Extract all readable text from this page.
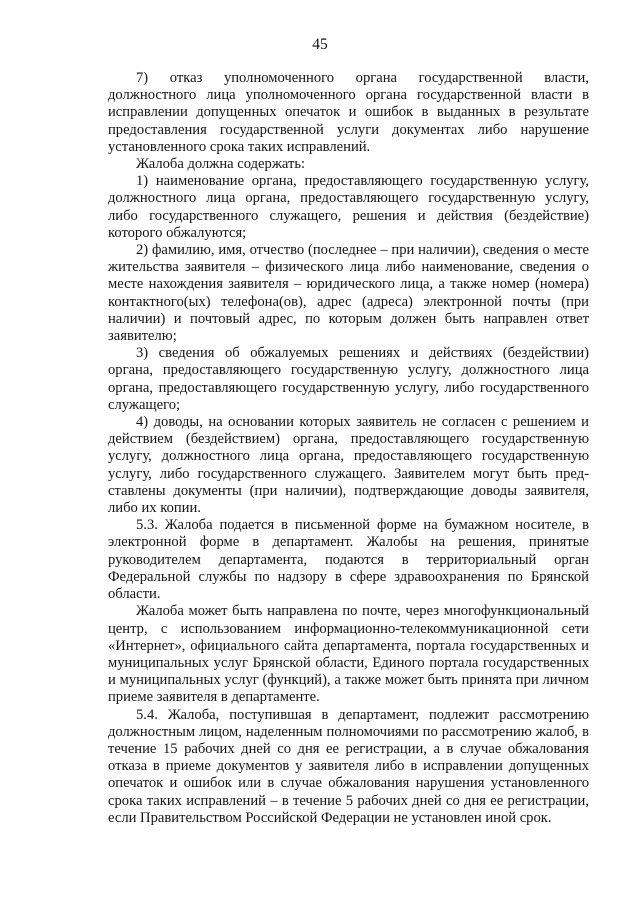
45

7) отказ уполномоченного органа государственной власти, должностного лица уполномоченного органа государственной власти в исправлении допущенных опечаток и ошибок в выданных в результате предоставления государственной услуги документах либо нарушение установленного срока таких исправлений.

Жалоба должна содержать:

1) наименование органа, предоставляющего государственную услугу, должностного лица органа, предоставляющего государственную услугу, либо государственного служащего, решения и действия (бездействие) которого обжалуются;

2) фамилию, имя, отчество (последнее – при наличии), сведения о месте жительства заявителя – физического лица либо наименование, сведения о месте нахождения заявителя – юридического лица, а также номер (номера) контактного(ых) телефона(ов), адрес (адреса) электронной почты (при наличии) и почтовый адрес, по которым должен быть направлен ответ заявителю;

3) сведения об обжалуемых решениях и действиях (бездействии) органа, предоставляющего государственную услугу, должностного лица органа, предоставляющего государственную услугу, либо государственного служащего;

4) доводы, на основании которых заявитель не согласен с решением и действием (бездействием) органа, предоставляющего государственную услугу, должностного лица органа, предоставляющего государственную услугу, либо государственного служащего. Заявителем могут быть представлены документы (при наличии), подтверждающие доводы заявителя, либо их копии.

5.3. Жалоба подается в письменной форме на бумажном носителе, в электронной форме в департамент. Жалобы на решения, принятые руководителем департамента, подаются в территориальный орган Федеральной службы по надзору в сфере здравоохранения по Брянской области.

Жалоба может быть направлена по почте, через многофункциональный центр, с использованием информационно-телекоммуникационной сети «Интернет», официального сайта департамента, портала государственных и муниципальных услуг Брянской области, Единого портала государственных и муниципальных услуг (функций), а также может быть принята при личном приеме заявителя в департаменте.

5.4. Жалоба, поступившая в департамент, подлежит рассмотрению должностным лицом, наделенным полномочиями по рассмотрению жалоб, в течение 15 рабочих дней со дня ее регистрации, а в случае обжалования отказа в приеме документов у заявителя либо в исправлении допущенных опечаток и ошибок или в случае обжалования нарушения установленного срока таких исправлений – в течение 5 рабочих дней со дня ее регистрации, если Правительством Российской Федерации не установлен иной срок.
